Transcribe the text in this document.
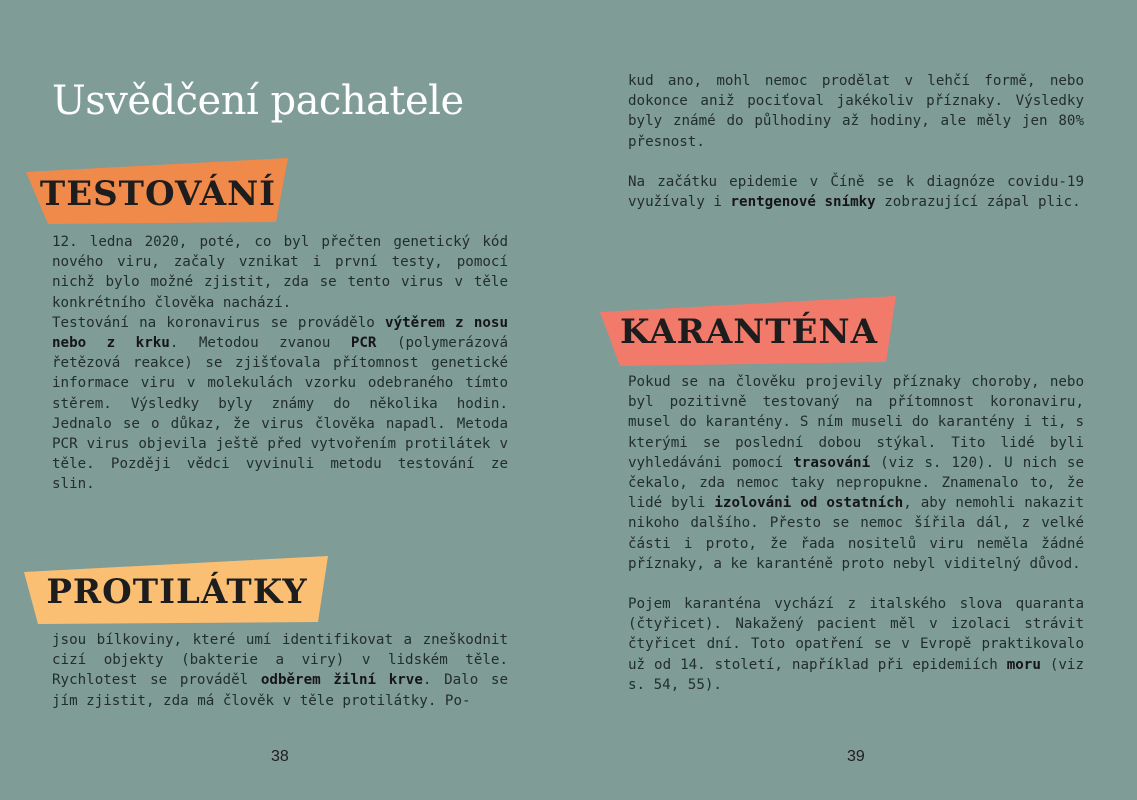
Usvědčení pachatele
TESTOVÁNÍ

12. ledna 2020, poté, co byl přečten genetický kód nového viru, začaly vznikat i první testy, pomocí nichž bylo možné zjistit, zda se tento virus v těle konkrétního člověka nachází.

Testování na koronavirus se provádělo výtěrem z nosu nebo z krku. Metodou zvanou PCR (polymerázová řetězová reakce) se zjišťovala přítomnost genetické informace viru v molekulách vzorku odebraného tímto stěrem. Výsledky byly známy do několika hodin. Jednalo se o důkaz, že virus člověka napadl. Metoda PCR virus objevila ještě před vytvořením protilátek v těle. Později vědci vyvinuli metodu testování ze slin.

PROTILÁTKY

jsou bílkoviny, které umí identifikovat a zneškodnit cizí objekty (bakterie a viry) v lidském těle. Rychlotest se prováděl odběrem žilní krve. Dalo se jím zjistit, zda má člověk v těle protilátky. Po-

38

kud ano, mohl nemoc prodělat v lehčí formě, nebo dokonce aniž pociťoval jakékoliv příznaky. Výsledky byly známé do půlhodiny až hodiny, ale měly jen 80% přesnost.

Na začátku epidemie v Číně se k diagnóze covidu-19 využívaly i rentgenové snímky zobrazující zápal plic.

KARANTÉNA

Pokud se na člověku projevily příznaky choroby, nebo byl pozitivně testovaný na přítomnost koronaviru, musel do karantény. S ním museli do karantény i ti, s kterými se poslední dobou stýkal. Tito lidé byli vyhledáváni pomocí trasování (viz s. 120). U nich se čekalo, zda nemoc taky nepropukne. Znamenalo to, že lidé byli izolováni od ostatních, aby nemohli nakazit nikoho dalšího. Přesto se nemoc šířila dál, z velké části i proto, že řada nositelů viru neměla žádné příznaky, a ke karanténě proto nebyl viditelný důvod.

Pojem karanténa vychází z italského slova quaranta (čtyřicet). Nakažený pacient měl v izolaci strávit čtyřicet dní. Toto opatření se v Evropě praktikovalo už od 14. století, například při epidemiích moru (viz s. 54, 55).

39
